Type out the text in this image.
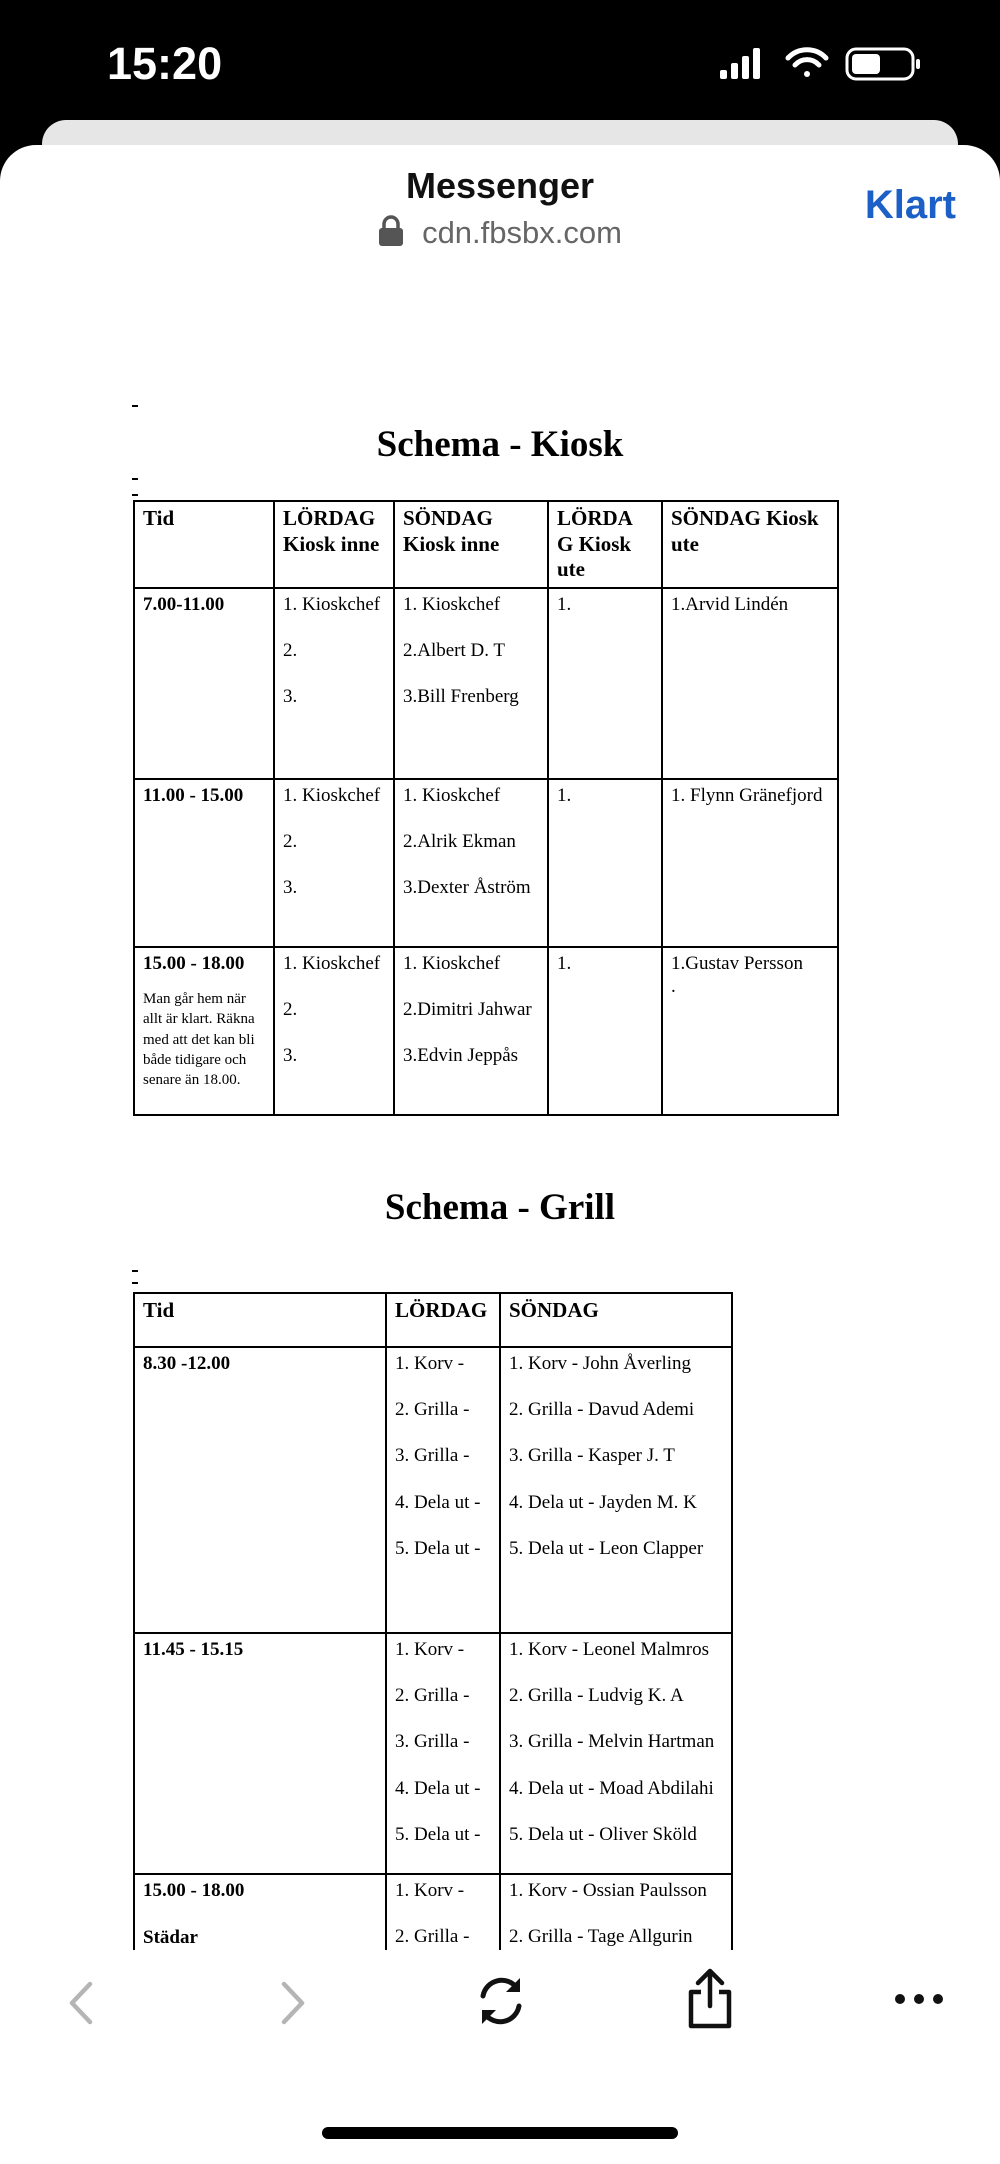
15:20
Messenger
cdn.fbsbx.com
Klart
Schema - Kiosk
Tid	LÖRDAG Kiosk inne	SÖNDAG Kiosk inne	LÖRDA G Kiosk ute	SÖNDAG Kiosk ute

7.00-11.00	1. Kioskchef
2.
3.	1. Kioskchef
2.Albert D. T
3.Bill Frenberg	1.	1.Arvid Lindén

11.00 - 15.00	1. Kioskchef
2.
3.	1. Kioskchef
2.Alrik Ekman
3.Dexter Åström	1.	1. Flynn Gränefjord

15.00 - 18.00
Man går hem när allt är klart. Räkna med att det kan bli både tidigare och senare än 18.00.	1. Kioskchef
2.
3.	1. Kioskchef
2.Dimitri Jahwar
3.Edvin Jeppås	1.	1.Gustav Persson
.
Schema - Grill
Tid	LÖRDAG	SÖNDAG

8.30 -12.00	1. Korv -
2. Grilla -
3. Grilla -
4. Dela ut -
5. Dela ut -	1. Korv - John Åverling
2. Grilla - Davud Ademi
3. Grilla - Kasper J. T
4. Dela ut - Jayden M. K
5. Dela ut - Leon Clapper

11.45 - 15.15	1. Korv -
2. Grilla -
3. Grilla -
4. Dela ut -
5. Dela ut -	1. Korv - Leonel Malmros
2. Grilla - Ludvig K. A
3. Grilla - Melvin Hartman
4. Dela ut - Moad Abdilahi
5. Dela ut - Oliver Sköld

15.00 - 18.00
Städar	1. Korv -
2. Grilla -	1. Korv - Ossian Paulsson
2. Grilla - Tage Allgurin
